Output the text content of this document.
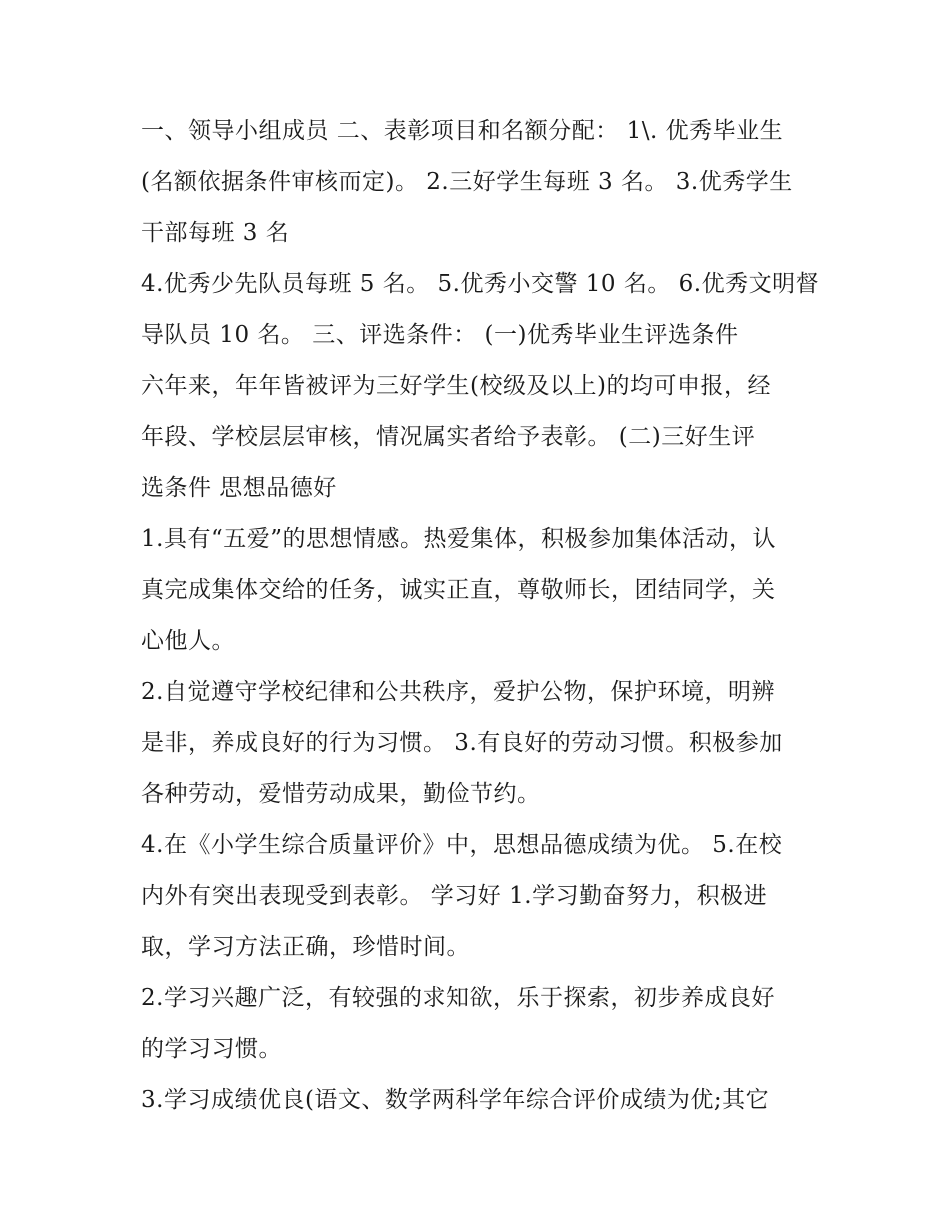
一、领导小组成员 二、表彰项目和名额分配： 1\. 优秀毕业生
(名额依据条件审核而定)。 2.三好学生每班 3 名。 3.优秀学生
干部每班 3 名
4.优秀少先队员每班 5 名。 5.优秀小交警 10 名。 6.优秀文明督
导队员 10 名。 三、评选条件： (一)优秀毕业生评选条件
六年来，年年皆被评为三好学生(校级及以上)的均可申报，经
年段、学校层层审核，情况属实者给予表彰。 (二)三好生评
选条件 思想品德好
1.具有“五爱”的思想情感。热爱集体，积极参加集体活动，认
真完成集体交给的任务，诚实正直，尊敬师长，团结同学，关
心他人。
2.自觉遵守学校纪律和公共秩序，爱护公物，保护环境，明辨
是非，养成良好的行为习惯。 3.有良好的劳动习惯。积极参加
各种劳动，爱惜劳动成果，勤俭节约。
4.在《小学生综合质量评价》中，思想品德成绩为优。 5.在校
内外有突出表现受到表彰。 学习好 1.学习勤奋努力，积极进
取，学习方法正确，珍惜时间。
2.学习兴趣广泛，有较强的求知欲，乐于探索，初步养成良好
的学习习惯。
3.学习成绩优良(语文、数学两科学年综合评价成绩为优;其它
